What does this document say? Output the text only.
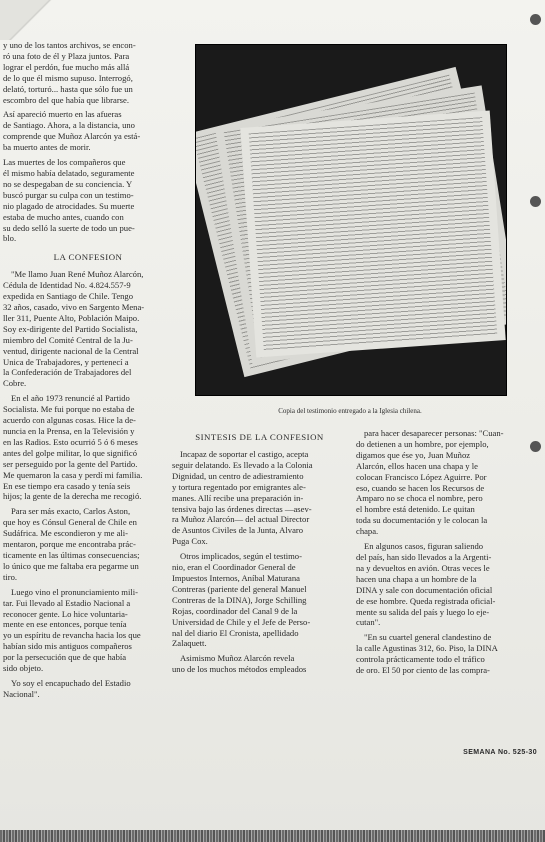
y uno de los tantos archivos, se encon-
ró una foto de él y Plaza juntos. Para
lograr el perdón, fue mucho más allá
de lo que él mismo supuso. Interrogó,
delató, torturó... hasta que sólo fue un
escombro del que había que librarse.

Así apareció muerto en las afueras
de Santiago. Ahora, a la distancia, uno
comprende que Muñoz Alarcón ya está-
ba muerto antes de morir.

Las muertes de los compañeros que
él mismo había delatado, seguramente
no se despegaban de su conciencia. Y
buscó purgar su culpa con un testimo-
nio plagado de atrocidades. Su muerte
estaba de mucho antes, cuando con
su dedo selló la suerte de todo un pue-
blo.

LA CONFESION

"Me llamo Juan René Muñoz Alarcón,
Cédula de Identidad No. 4.824.557-9
expedida en Santiago de Chile. Tengo
32 años, casado, vivo en Sargento Mena-
ller 311, Puente Alto, Población Maipo.
Soy ex-dirigente del Partido Socialista,
miembro del Comité Central de la Ju-
ventud, dirigente nacional de la Central
Unica de Trabajadores, y pertenecí a
la Confederación de Trabajadores del
Cobre.

En el año 1973 renuncié al Partido
Socialista. Me fui porque no estaba de
acuerdo con algunas cosas. Hice la de-
nuncia en la Prensa, en la Televisión y
en las Radios. Esto ocurrió 5 ó 6 meses
antes del golpe militar, lo que significó
ser perseguido por la gente del Partido.
Me quemaron la casa y perdí mi familia.
En ese tiempo era casado y tenía seis
hijos; la gente de la derecha me recogió.

Para ser más exacto, Carlos Aston,
que hoy es Cónsul General de Chile en
Sudáfrica. Me escondieron y me ali-
mentaron, porque me encontraba prác-
ticamente en las últimas consecuencias;
lo único que me faltaba era pegarme un
tiro.

Luego vino el pronunciamiento mili-
tar. Fui llevado al Estadio Nacional a
reconocer gente. Lo hice voluntaria-
mente en ese entonces, porque tenía
yo un espíritu de revancha hacia los que
habían sido mis antiguos compañeros
por la persecución que de que había
sido objeto.

Yo soy el encapuchado del Estadio
Nacional".

Copia del testimonio entregado a la Iglesia chilena.
SINTESIS DE LA CONFESION

Incapaz de soportar el castigo, acepta
seguir delatando. Es llevado a la Colonia
Dignidad, un centro de adiestramiento
y tortura regentado por emigrantes ale-
manes. Allí recibe una preparación in-
tensiva bajo las órdenes directas —asev-
ra Muñoz Alarcón— del actual Director
de Asuntos Civiles de la Junta, Alvaro
Puga Cox.

Otros implicados, según el testimo-
nio, eran el Coordinador General de
Impuestos Internos, Aníbal Maturana
Contreras (pariente del general Manuel
Contreras de la DINA), Jorge Schilling
Rojas, coordinador del Canal 9 de la
Universidad de Chile y el Jefe de Perso-
nal del diario El Cronista, apellidado
Zalaquett.

Asimismo Muñoz Alarcón revela
uno de los muchos métodos empleados

para hacer desaparecer personas: "Cuan-
do detienen a un hombre, por ejemplo,
digamos que ése yo, Juan Muñoz
Alarcón, ellos hacen una chapa y le
colocan Francisco López Aguirre. Por
eso, cuando se hacen los Recursos de
Amparo no se choca el nombre, pero
el hombre está detenido. Le quitan
toda su documentación y le colocan la
chapa.

En algunos casos, figuran saliendo
del país, han sido llevados a la Argenti-
na y devueltos en avión. Otras veces le
hacen una chapa a un hombre de la
DINA y sale con documentación oficial
de ese hombre. Queda registrada oficial-
mente su salida del país y luego lo eje-
cutan".

"En su cuartel general clandestino de
la calle Agustinas 312, 6o. Piso, la DINA
controla prácticamente todo el tráfico
de oro. El 50 por ciento de las compra-

SEMANA No. 525-30
